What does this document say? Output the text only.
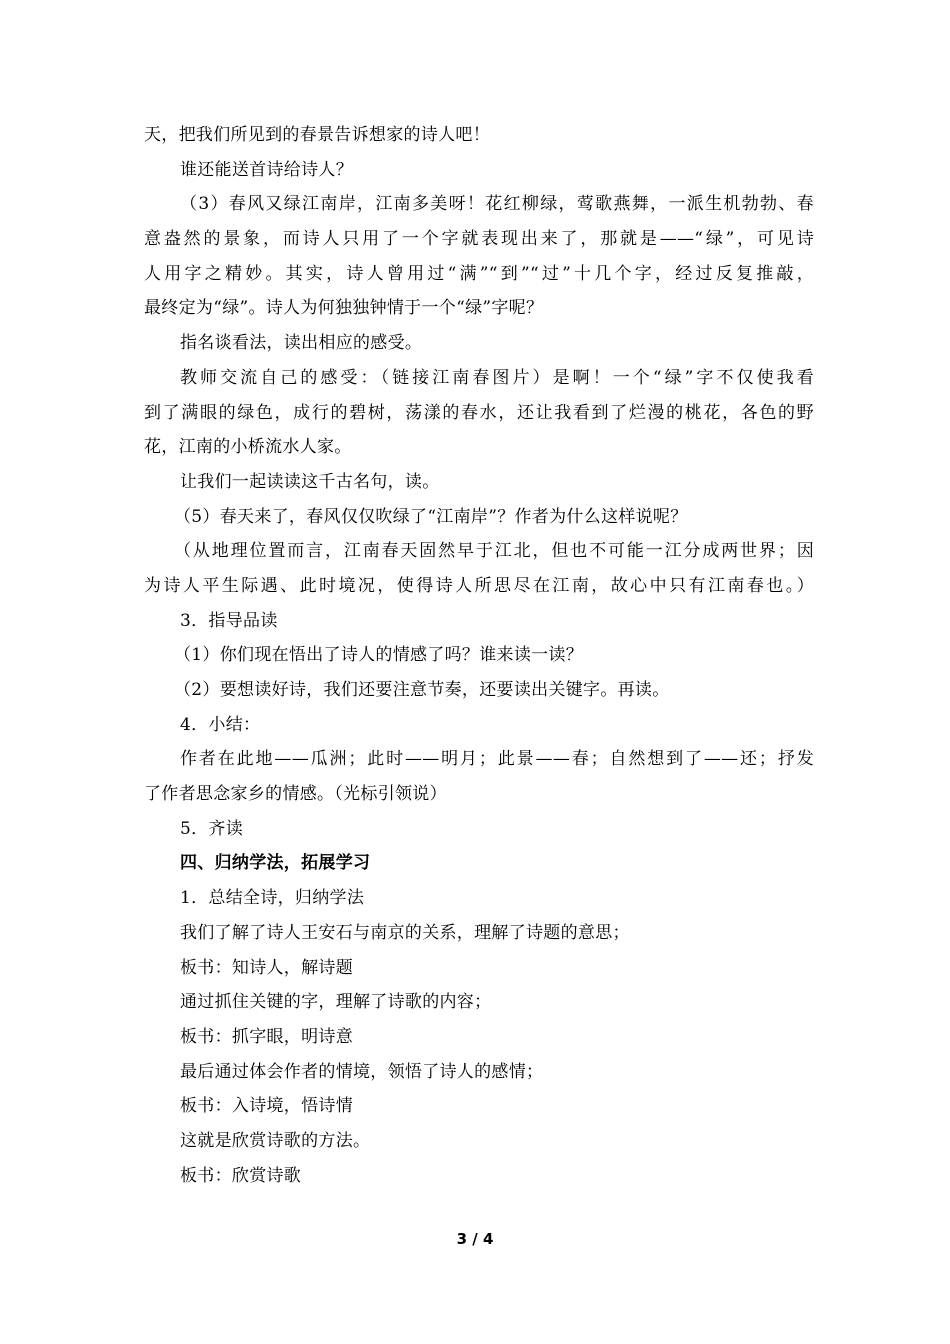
天，把我们所见到的春景告诉想家的诗人吧！
谁还能送首诗给诗人？
（3）春风又绿江南岸，江南多美呀！花红柳绿，莺歌燕舞，一派生机勃勃、春
意盎然的景象，而诗人只用了一个字就表现出来了，那就是——“绿”，可见诗
人用字之精妙。其实，诗人曾用过“满”“到”“过”十几个字，经过反复推敲，
最终定为“绿”。诗人为何独独钟情于一个“绿”字呢？
指名谈看法，读出相应的感受。
教师交流自己的感受：（链接江南春图片）是啊！一个“绿”字不仅使我看
到了满眼的绿色，成行的碧树，荡漾的春水，还让我看到了烂漫的桃花，各色的野
花，江南的小桥流水人家。
让我们一起读读这千古名句，读。
（5）春天来了，春风仅仅吹绿了“江南岸”？作者为什么这样说呢？
（从地理位置而言，江南春天固然早于江北，但也不可能一江分成两世界；因
为诗人平生际遇、此时境况，使得诗人所思尽在江南，故心中只有江南春也。）
3．指导品读
（1）你们现在悟出了诗人的情感了吗？谁来读一读？
（2）要想读好诗，我们还要注意节奏，还要读出关键字。再读。
4．小结：
作者在此地——瓜洲；此时——明月；此景——春；自然想到了——还；抒发
了作者思念家乡的情感。（光标引领说）
5．齐读
四、归纳学法，拓展学习
1．总结全诗，归纳学法
我们了解了诗人王安石与南京的关系，理解了诗题的意思；
板书：知诗人，解诗题
通过抓住关键的字，理解了诗歌的内容；
板书：抓字眼，明诗意
最后通过体会作者的情境，领悟了诗人的感情；
板书：入诗境，悟诗情
这就是欣赏诗歌的方法。
板书：欣赏诗歌
3 / 4
